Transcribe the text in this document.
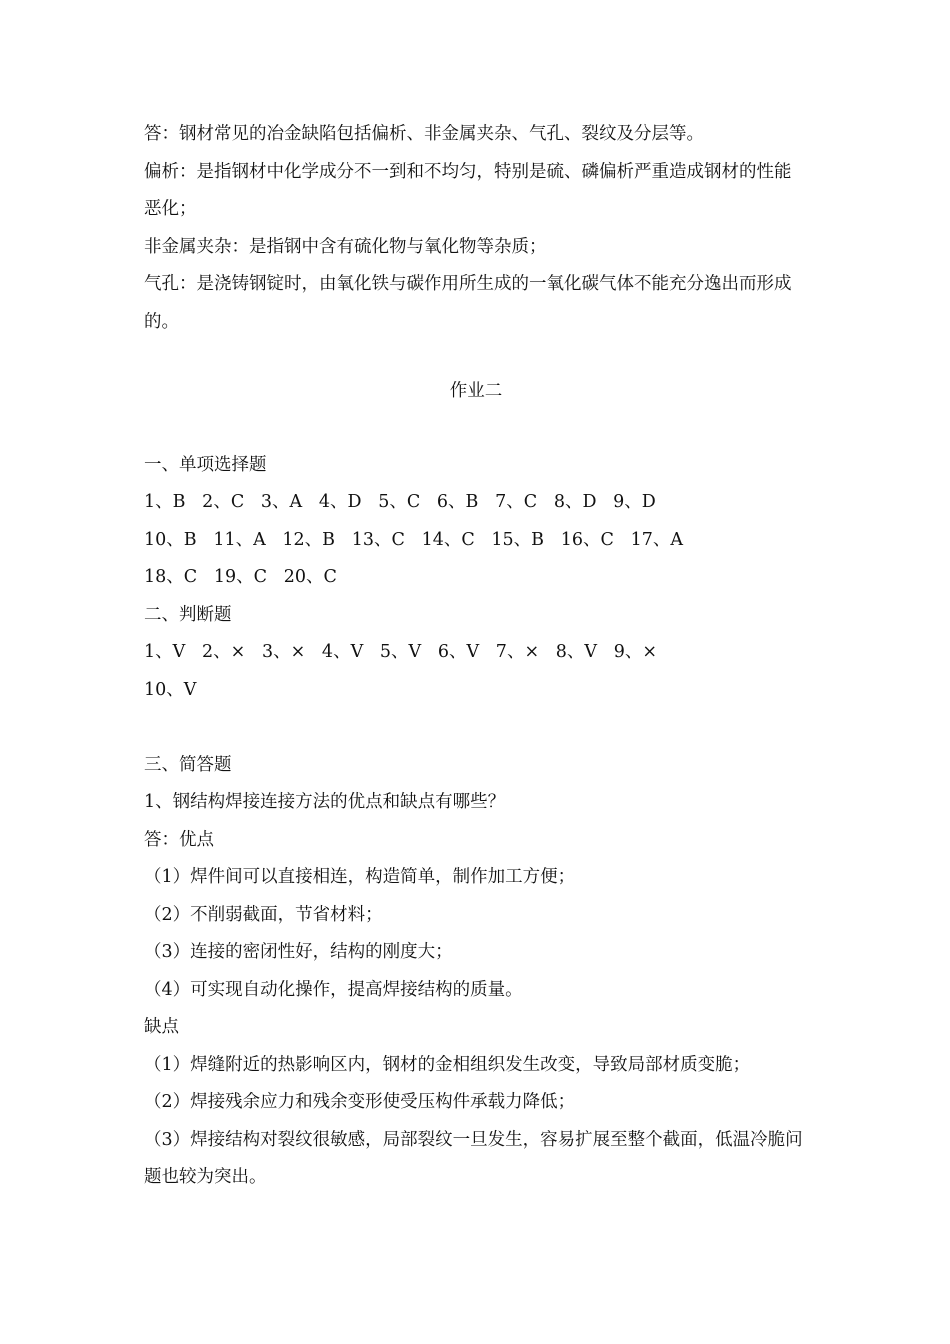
答：钢材常见的冶金缺陷包括偏析、非金属夹杂、气孔、裂纹及分层等。

偏析：是指钢材中化学成分不一到和不均匀，特别是硫、磷偏析严重造成钢材的性能恶化；

非金属夹杂：是指钢中含有硫化物与氧化物等杂质；

气孔：是浇铸钢锭时，由氧化铁与碳作用所生成的一氧化碳气体不能充分逸出而形成的。

作业二

一、单项选择题

1、B   2、C   3、A   4、D   5、C   6、B   7、C   8、D   9、D

10、B   11、A   12、B   13、C   14、C   15、B   16、C   17、A

18、C   19、C   20、C

二、判断题

1、V   2、×   3、×   4、V   5、V   6、V   7、×   8、V   9、×

10、V

三、简答题

1、钢结构焊接连接方法的优点和缺点有哪些？

答：优点

（1）焊件间可以直接相连，构造简单，制作加工方便；

（2）不削弱截面，节省材料；

（3）连接的密闭性好，结构的刚度大；

（4）可实现自动化操作，提高焊接结构的质量。

缺点

（1）焊缝附近的热影响区内，钢材的金相组织发生改变，导致局部材质变脆；

（2）焊接残余应力和残余变形使受压构件承载力降低；

（3）焊接结构对裂纹很敏感，局部裂纹一旦发生，容易扩展至整个截面，低温冷脆问题也较为突出。
